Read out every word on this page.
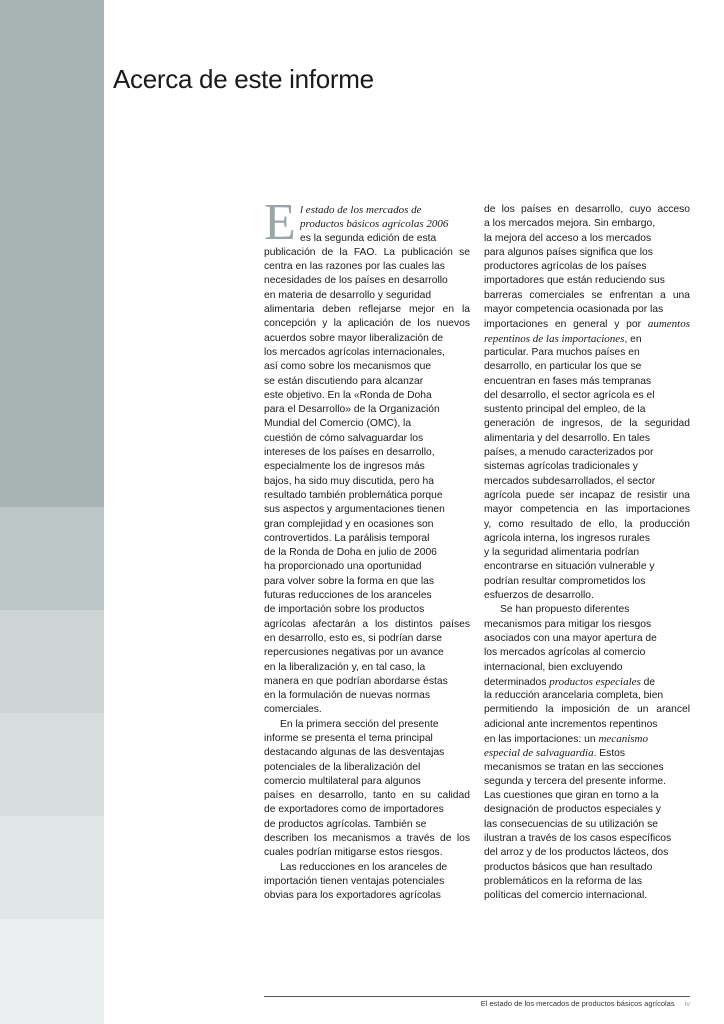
Acerca de este informe
E l estado de los mercados de
productos básicos agrícolas 2006
es la segunda edición de esta
publicación de la FAO. La publicación se
centra en las razones por las cuales las
necesidades de los países en desarrollo
en materia de desarrollo y seguridad
alimentaria deben reflejarse mejor en la
concepción y la aplicación de los nuevos
acuerdos sobre mayor liberalización de
los mercados agrícolas internacionales,
así como sobre los mecanismos que
se están discutiendo para alcanzar
este objetivo. En la «Ronda de Doha
para el Desarrollo» de la Organización
Mundial del Comercio (OMC), la
cuestión de cómo salvaguardar los
intereses de los países en desarrollo,
especialmente los de ingresos más
bajos, ha sido muy discutida, pero ha
resultado también problemática porque
sus aspectos y argumentaciones tienen
gran complejidad y en ocasiones son
controvertidos. La parálisis temporal
de la Ronda de Doha en julio de 2006
ha proporcionado una oportunidad
para volver sobre la forma en que las
futuras reducciones de los aranceles
de importación sobre los productos
agrícolas afectarán a los distintos países
en desarrollo, esto es, si podrían darse
repercusiones negativas por un avance
en la liberalización y, en tal caso, la
manera en que podrían abordarse éstas
en la formulación de nuevas normas
comerciales.
En la primera sección del presente
informe se presenta el tema principal
destacando algunas de las desventajas
potenciales de la liberalización del
comercio multilateral para algunos
países en desarrollo, tanto en su calidad
de exportadores como de importadores
de productos agrícolas. También se
describen los mecanismos a través de los
cuales podrían mitigarse estos riesgos.
Las reducciones en los aranceles de
importación tienen ventajas potenciales
obvias para los exportadores agrícolas
de los países en desarrollo, cuyo acceso
a los mercados mejora. Sin embargo,
la mejora del acceso a los mercados
para algunos países significa que los
productores agrícolas de los países
importadores que están reduciendo sus
barreras comerciales se enfrentan a una
mayor competencia ocasionada por las
importaciones en general y por aumentos
repentinos de las importaciones, en
particular. Para muchos países en
desarrollo, en particular los que se
encuentran en fases más tempranas
del desarrollo, el sector agrícola es el
sustento principal del empleo, de la
generación de ingresos, de la seguridad
alimentaria y del desarrollo. En tales
países, a menudo caracterizados por
sistemas agrícolas tradicionales y
mercados subdesarrollados, el sector
agrícola puede ser incapaz de resistir una
mayor competencia en las importaciones
y, como resultado de ello, la producción
agrícola interna, los ingresos rurales
y la seguridad alimentaria podrían
encontrarse en situación vulnerable y
podrían resultar comprometidos los
esfuerzos de desarrollo.
Se han propuesto diferentes
mecanismos para mitigar los riesgos
asociados con una mayor apertura de
los mercados agrícolas al comercio
internacional, bien excluyendo
determinados productos especiales de
la reducción arancelaria completa, bien
permitiendo la imposición de un arancel
adicional ante incrementos repentinos
en las importaciones: un mecanismo
especial de salvaguardia. Estos
mecanismos se tratan en las secciones
segunda y tercera del presente informe.
Las cuestiones que giran en torno a la
designación de productos especiales y
las consecuencias de su utilización se
ilustran a través de los casos específicos
del arroz y de los productos lácteos, dos
productos básicos que han resultado
problemáticos en la reforma de las
políticas del comercio internacional.
El estado de los mercados de productos básicos agrícolas iv
